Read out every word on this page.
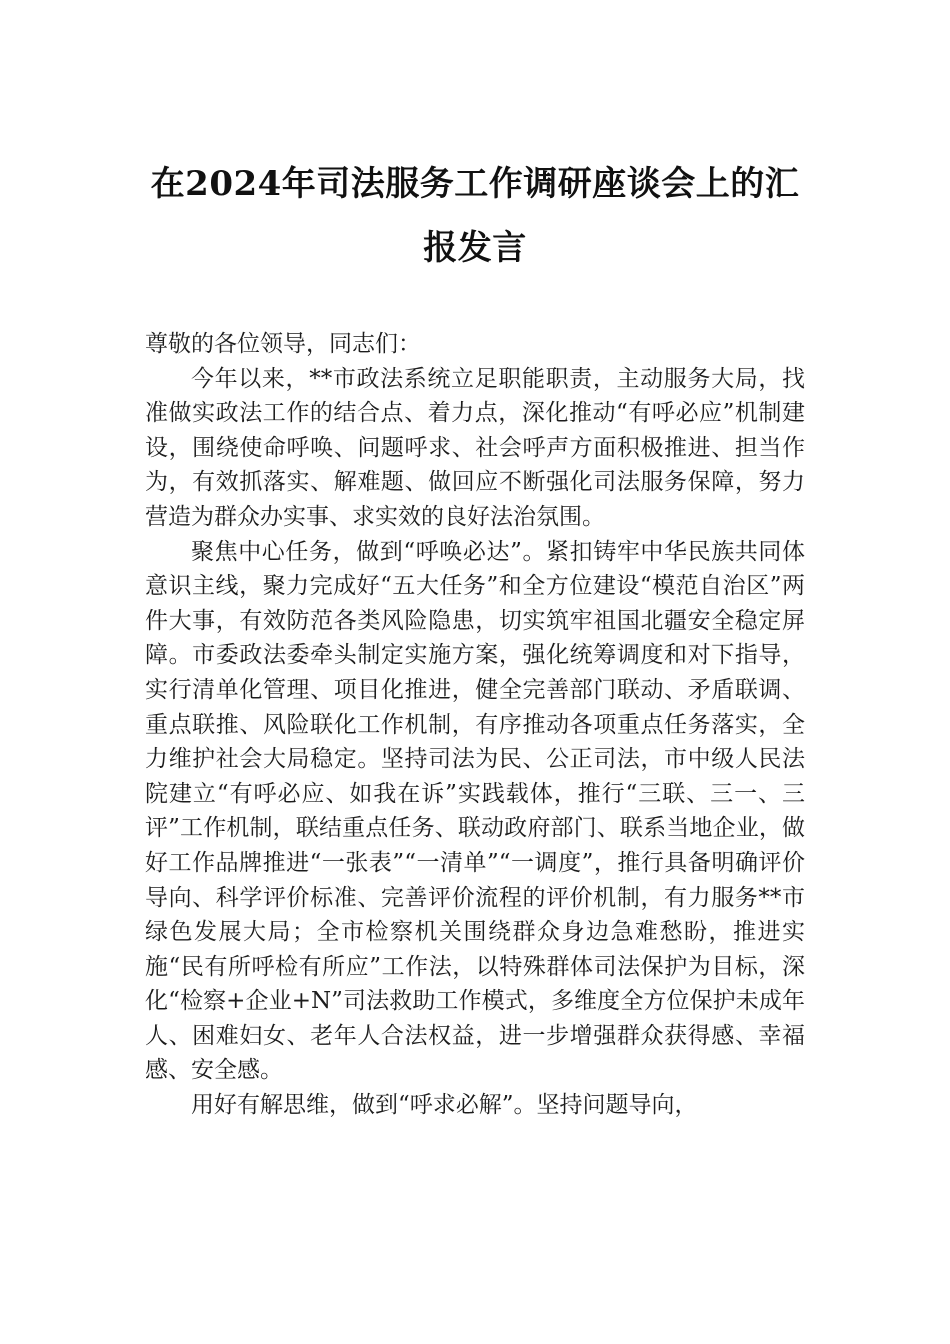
在2024年司法服务工作调研座谈会上的汇报发言

尊敬的各位领导，同志们：

今年以来，**市政法系统立足职能职责，主动服务大局，找准做实政法工作的结合点、着力点，深化推动“有呼必应”机制建设，围绕使命呼唤、问题呼求、社会呼声方面积极推进、担当作为，有效抓落实、解难题、做回应不断强化司法服务保障，努力营造为群众办实事、求实效的良好法治氛围。

聚焦中心任务，做到“呼唤必达”。紧扣铸牢中华民族共同体意识主线，聚力完成好“五大任务”和全方位建设“模范自治区”两件大事，有效防范各类风险隐患，切实筑牢祖国北疆安全稳定屏障。市委政法委牵头制定实施方案，强化统筹调度和对下指导，实行清单化管理、项目化推进，健全完善部门联动、矛盾联调、重点联推、风险联化工作机制，有序推动各项重点任务落实，全力维护社会大局稳定。坚持司法为民、公正司法，市中级人民法院建立“有呼必应、如我在诉”实践载体，推行“三联、三一、三评”工作机制，联结重点任务、联动政府部门、联系当地企业，做好工作品牌推进“一张表”“一清单”“一调度”，推行具备明确评价导向、科学评价标准、完善评价流程的评价机制，有力服务**市绿色发展大局；全市检察机关围绕群众身边急难愁盼，推进实施“民有所呼检有所应”工作法，以特殊群体司法保护为目标，深化“检察+企业+N”司法救助工作模式，多维度全方位保护未成年人、困难妇女、老年人合法权益，进一步增强群众获得感、幸福感、安全感。

用好有解思维，做到“呼求必解”。坚持问题导向，
